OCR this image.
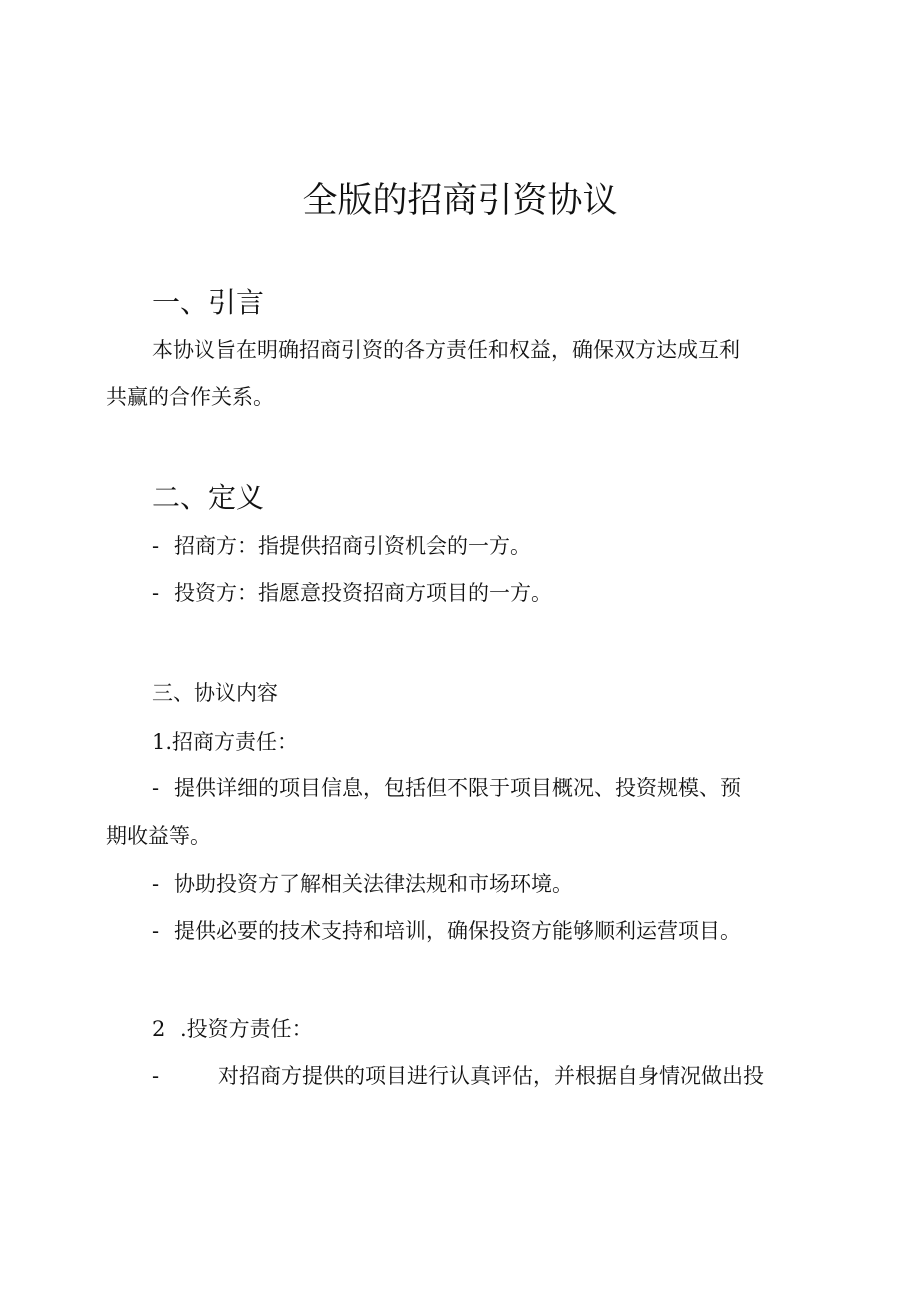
全版的招商引资协议
一、引言
本协议旨在明确招商引资的各方责任和权益，确保双方达成互利
共赢的合作关系。
二、定义
- 招商方：指提供招商引资机会的一方。
- 投资方：指愿意投资招商方项目的一方。
三、协议内容
1.招商方责任：
- 提供详细的项目信息，包括但不限于项目概况、投资规模、预
期收益等。
- 协助投资方了解相关法律法规和市场环境。
- 提供必要的技术支持和培训，确保投资方能够顺利运营项目。
2 .投资方责任：
-	对招商方提供的项目进行认真评估，并根据自身情况做出投
